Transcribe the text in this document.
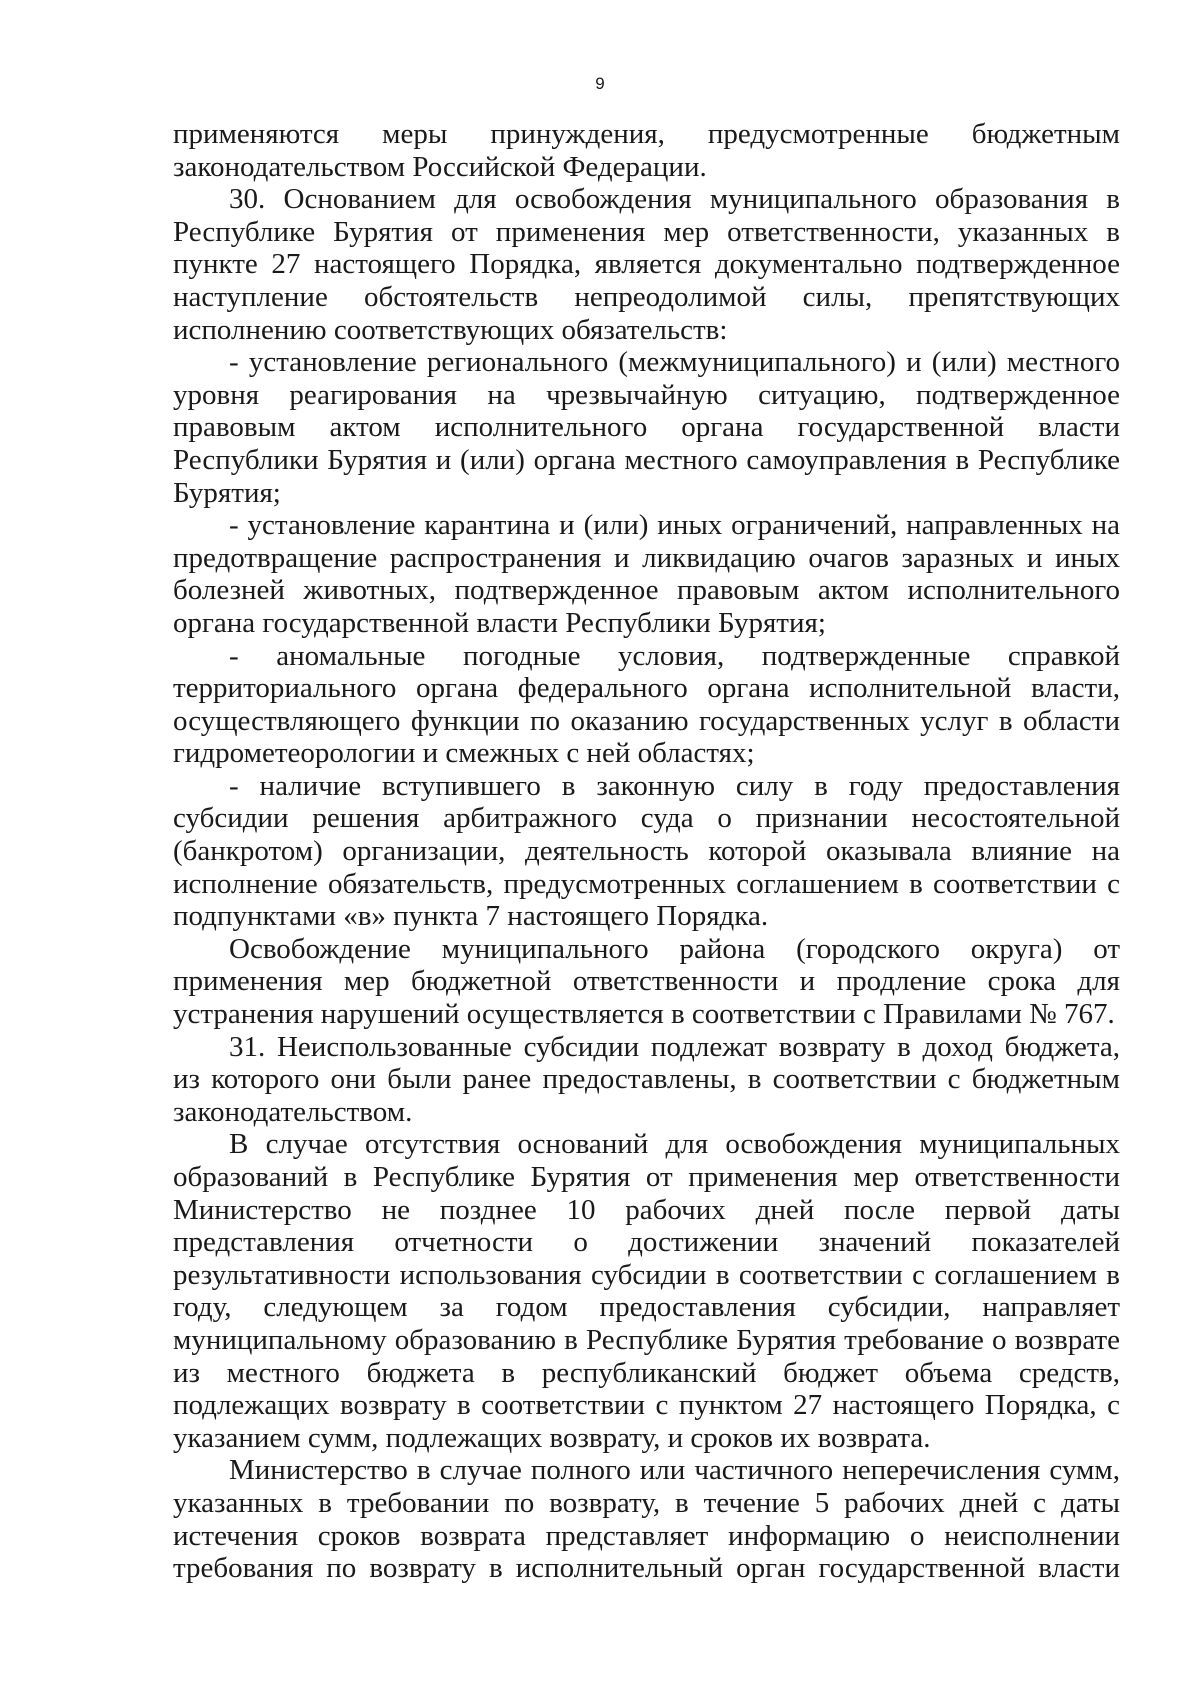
9

применяются меры принуждения, предусмотренные бюджетным законодательством Российской Федерации.

30. Основанием для освобождения муниципального образования в Республике Бурятия от применения мер ответственности, указанных в пункте 27 настоящего Порядка, является документально подтвержденное наступление обстоятельств непреодолимой силы, препятствующих исполнению соответствующих обязательств:

- установление регионального (межмуниципального) и (или) местного уровня реагирования на чрезвычайную ситуацию, подтвержденное правовым актом исполнительного органа государственной власти Республики Бурятия и (или) органа местного самоуправления в Республике Бурятия;

- установление карантина и (или) иных ограничений, направленных на предотвращение распространения и ликвидацию очагов заразных и иных болезней животных, подтвержденное правовым актом исполнительного органа государственной власти Республики Бурятия;

- аномальные погодные условия, подтвержденные справкой территориального органа федерального органа исполнительной власти, осуществляющего функции по оказанию государственных услуг в области гидрометеорологии и смежных с ней областях;

- наличие вступившего в законную силу в году предоставления субсидии решения арбитражного суда о признании несостоятельной (банкротом) организации, деятельность которой оказывала влияние на исполнение обязательств, предусмотренных соглашением в соответствии с подпунктами «в» пункта 7 настоящего Порядка.

Освобождение муниципального района (городского округа) от применения мер бюджетной ответственности и продление срока для устранения нарушений осуществляется в соответствии с Правилами № 767.

31. Неиспользованные субсидии подлежат возврату в доход бюджета, из которого они были ранее предоставлены, в соответствии с бюджетным законодательством.

В случае отсутствия оснований для освобождения муниципальных образований в Республике Бурятия от применения мер ответственности Министерство не позднее 10 рабочих дней после первой даты представления отчетности о достижении значений показателей результативности использования субсидии в соответствии с соглашением в году, следующем за годом предоставления субсидии, направляет муниципальному образованию в Республике Бурятия требование о возврате из местного бюджета в республиканский бюджет объема средств, подлежащих возврату в соответствии с пунктом 27 настоящего Порядка, с указанием сумм, подлежащих возврату, и сроков их возврата.

Министерство в случае полного или частичного неперечисления сумм, указанных в требовании по возврату, в течение 5 рабочих дней с даты истечения сроков возврата представляет информацию о неисполнении требования по возврату в исполнительный орган государственной власти
